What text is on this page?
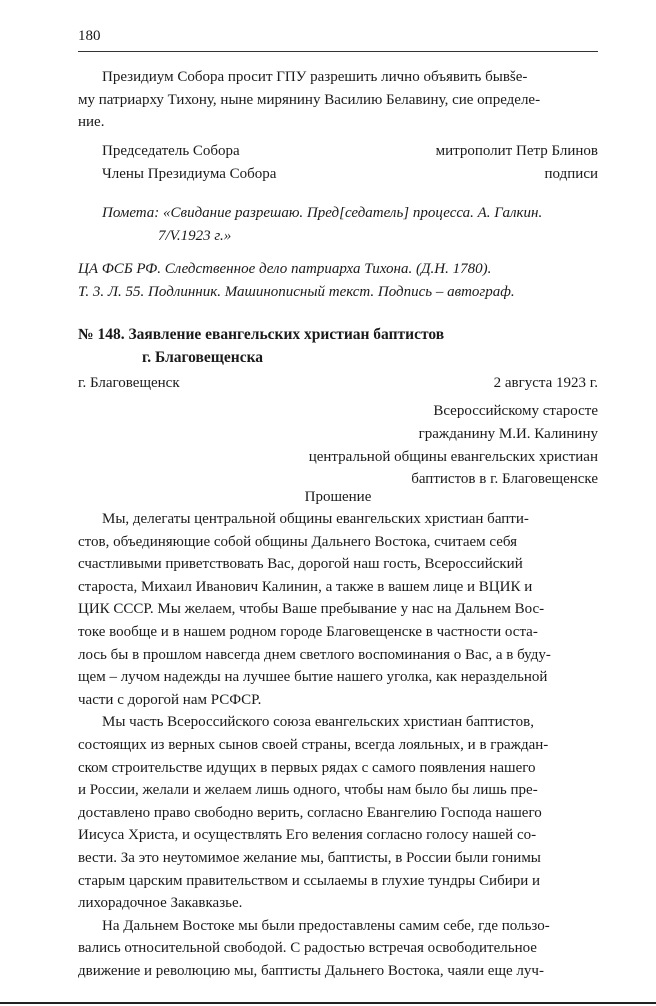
180

Президиум Собора просит ГПУ разрешить лично объявить бывšе-

му патриарху Тихону, ныне мирянину Василию Белавину, сие определе-

ние.

Председатель Собора	митрополит Петр Блинов
Члены Президиума Собора	подписи

Помета: «Свидание разрешаю. Пред[седатель] процесса. А. Галкин.

7/V.1923 г.»

ЦА ФСБ РФ. Следственное дело патриарха Тихона. (Д.Н. 1780).

Т. 3. Л. 55. Подлинник. Машинописный текст. Подпись – автограф.

№ 148. Заявление евангельских христиан баптистов

г. Благовещенска

г. Благовещенск	2 августа 1923 г.

Всероссийскому старосте

гражданину М.И. Калинину

центральной общины евангельских христиан

баптистов в г. Благовещенске

Прошение

Мы, делегаты центральной общины евангельских христиан бапти-

стов, объединяющие собой общины Дальнего Востока, считаем себя

счастливыми приветствовать Вас, дорогой наш гость, Всероссийский

староста, Михаил Иванович Калинин, а также в вашем лице и ВЦИК и

ЦИК СССР. Мы желаем, чтобы Ваше пребывание у нас на Дальнем Вос-

токе вообще и в нашем родном городе Благовещенске в частности оста-

лось бы в прошлом навсегда днем светлого воспоминания о Вас, а в буду-

щем – лучом надежды на лучшее бытие нашего уголка, как нераздельной

части с дорогой нам РСФСР.

Мы часть Всероссийского союза евангельских христиан баптистов,

состоящих из верных сынов своей страны, всегда лояльных, и в граждан-

ском строительстве идущих в первых рядах с самого появления нашего

и России, желали и желаем лишь одного, чтобы нам было бы лишь пре-

доставлено право свободно верить, согласно Евангелию Господа нашего

Иисуса Христа, и осуществлять Его веления согласно голосу нашей со-

вести. За это неутомимое желание мы, баптисты, в России были гонимы

старым царским правительством и ссылаемы в глухие тундры Сибири и

лихорадочное Закавказье.

На Дальнем Востоке мы были предоставлены самим себе, где пользо-

вались относительной свободой. С радостью встречая освободительное

движение и революцию мы, баптисты Дальнего Востока, чаяли еще луч-
